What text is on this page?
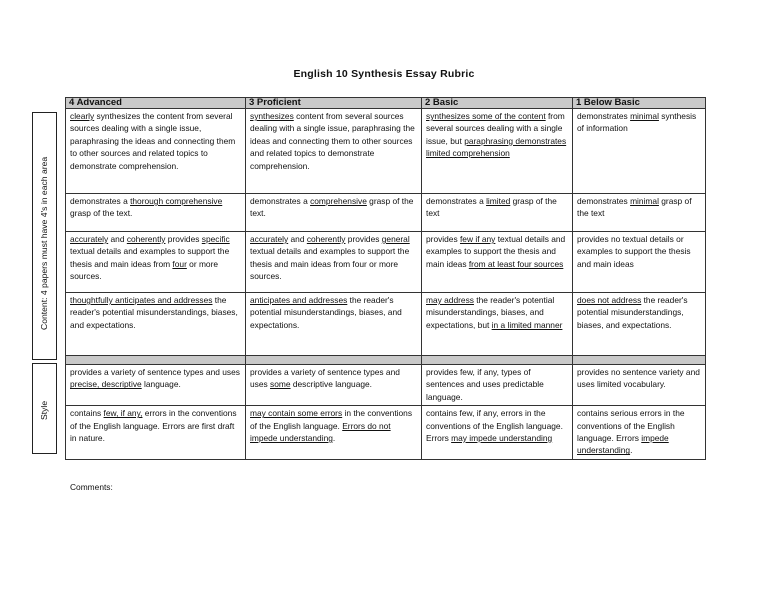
English 10 Synthesis Essay Rubric
Content: 4 papers must have 4's in each area
Style
4 Advanced	3 Proficient	2 Basic	1 Below Basic
clearly synthesizes the content from several sources dealing with a single issue, paraphrasing the ideas and connecting them to other sources and related topics to demonstrate comprehension.	synthesizes content from several sources dealing with a single issue, paraphrasing the ideas and connecting them to other sources and related topics to demonstrate comprehension.	synthesizes some of the content from several sources dealing with a single issue, but paraphrasing demonstrates limited comprehension	demonstrates minimal synthesis of information
demonstrates a thorough comprehensive grasp of the text.	demonstrates a comprehensive grasp of the text.	demonstrates a limited grasp of the text	demonstrates minimal grasp of the text
accurately and coherently provides specific textual details and examples to support the thesis and main ideas from four or more sources.	accurately and coherently provides general textual details and examples to support the thesis and main ideas from four or more sources.	provides few if any textual details and examples to support the thesis and main ideas from at least four sources	provides no textual details or examples to support the thesis and main ideas
thoughtfully anticipates and addresses the reader's potential misunderstandings, biases, and expectations.	anticipates and addresses the reader's potential misunderstandings, biases, and expectations.	may address the reader's potential misunderstandings, biases, and expectations, but in a limited manner	does not address the reader's potential misunderstandings, biases, and expectations.

provides a variety of sentence types and uses precise, descriptive language.	provides a variety of sentence types and uses some descriptive language.	provides few, if any, types of sentences and uses predictable language.	provides no sentence variety and uses limited vocabulary.
contains few, if any, errors in the conventions of the English language. Errors are first draft in nature.	may contain some errors in the conventions of the English language. Errors do not impede understanding.	contains few, if any, errors in the conventions of the English language. Errors may impede understanding	contains serious errors in the conventions of the English language. Errors impede understanding.
Comments:
